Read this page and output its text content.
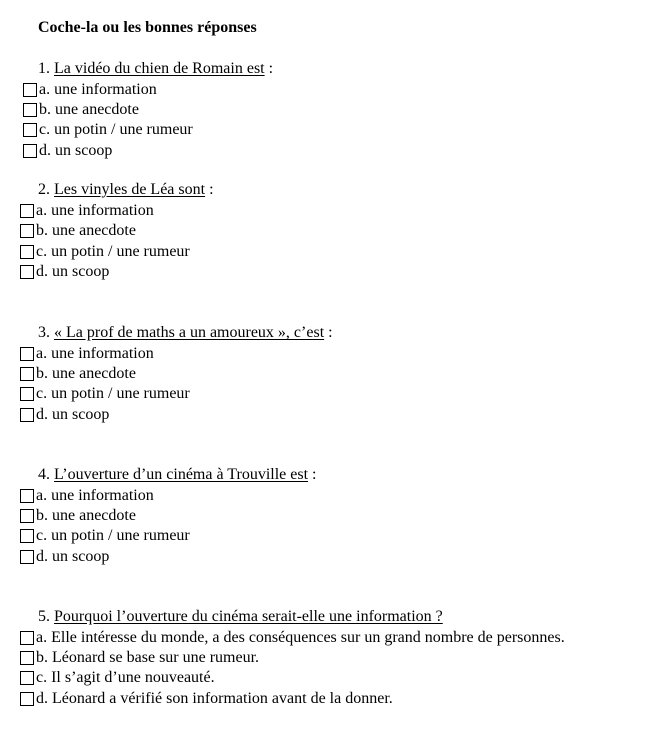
Coche-la ou les bonnes réponses
1. La vidéo du chien de Romain est :
a. une information
b. une anecdote
c. un potin / une rumeur
d. un scoop
2. Les vinyles de Léa sont :
a. une information
b. une anecdote
c. un potin / une rumeur
d. un scoop
3. « La prof de maths a un amoureux », c’est :
a. une information
b. une anecdote
c. un potin / une rumeur
d. un scoop
4. L’ouverture d’un cinéma à Trouville est :
a. une information
b. une anecdote
c. un potin / une rumeur
d. un scoop
5. Pourquoi l’ouverture du cinéma serait-elle une information ?
a. Elle intéresse du monde, a des conséquences sur un grand nombre de personnes.
b. Léonard se base sur une rumeur.
c. Il s’agit d’une nouveauté.
d. Léonard a vérifié son information avant de la donner.
